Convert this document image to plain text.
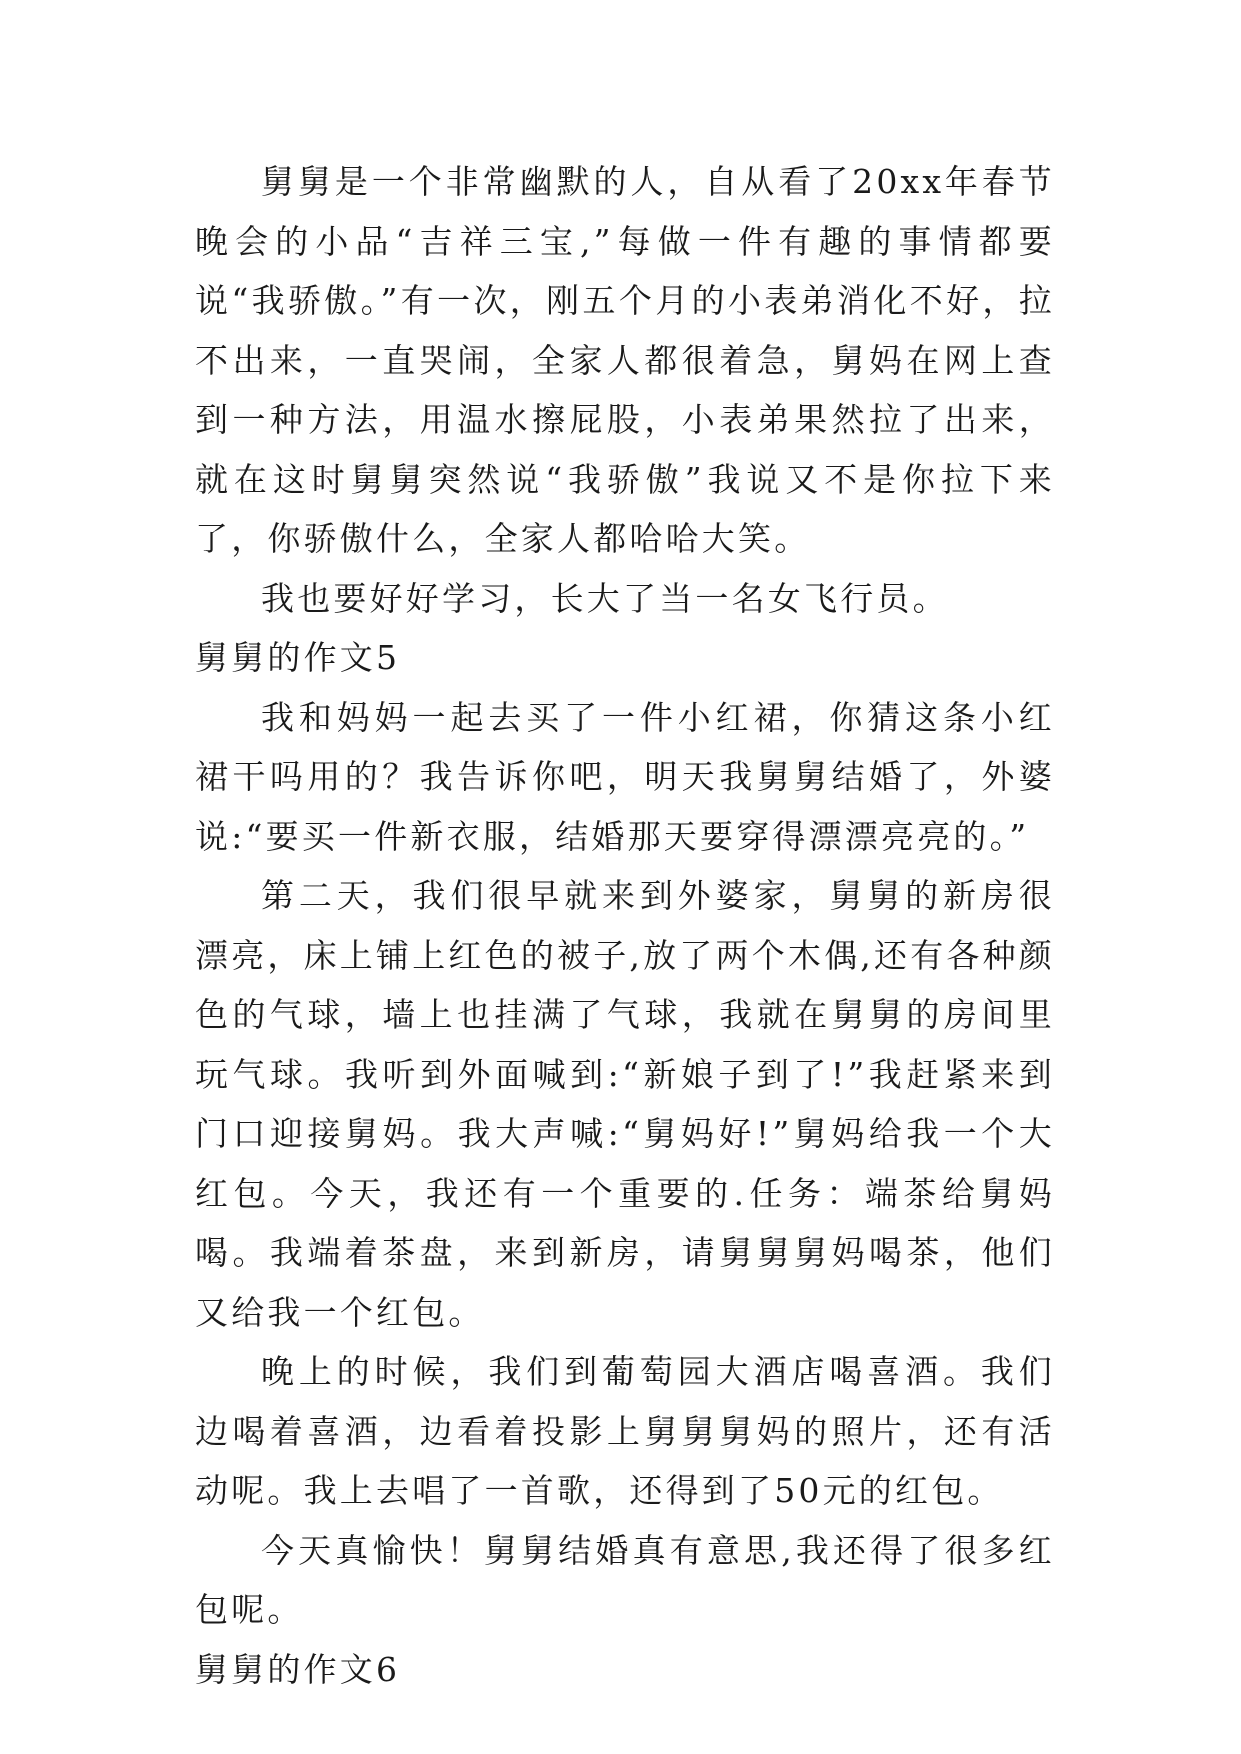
舅舅是一个非常幽默的人，自从看了20xx年春节晚会的小品“吉祥三宝,”每做一件有趣的事情都要说“我骄傲。”有一次，刚五个月的小表弟消化不好，拉不出来，一直哭闹，全家人都很着急，舅妈在网上查到一种方法，用温水擦屁股，小表弟果然拉了出来，就在这时舅舅突然说“我骄傲”我说又不是你拉下来了，你骄傲什么，全家人都哈哈大笑。

我也要好好学习，长大了当一名女飞行员。

舅舅的作文5

我和妈妈一起去买了一件小红裙，你猜这条小红裙干吗用的？我告诉你吧，明天我舅舅结婚了，外婆说:“要买一件新衣服，结婚那天要穿得漂漂亮亮的。”

第二天，我们很早就来到外婆家，舅舅的新房很漂亮，床上铺上红色的被子,放了两个木偶,还有各种颜色的气球，墙上也挂满了气球，我就在舅舅的房间里玩气球。我听到外面喊到:“新娘子到了!”我赶紧来到门口迎接舅妈。我大声喊:“舅妈好!”舅妈给我一个大红包。今天，我还有一个重要的.任务：端茶给舅妈喝。我端着茶盘，来到新房，请舅舅舅妈喝茶，他们又给我一个红包。

晚上的时候，我们到葡萄园大酒店喝喜酒。我们边喝着喜酒，边看着投影上舅舅舅妈的照片，还有活动呢。我上去唱了一首歌，还得到了50元的红包。

今天真愉快！舅舅结婚真有意思,我还得了很多红包呢。

舅舅的作文6
